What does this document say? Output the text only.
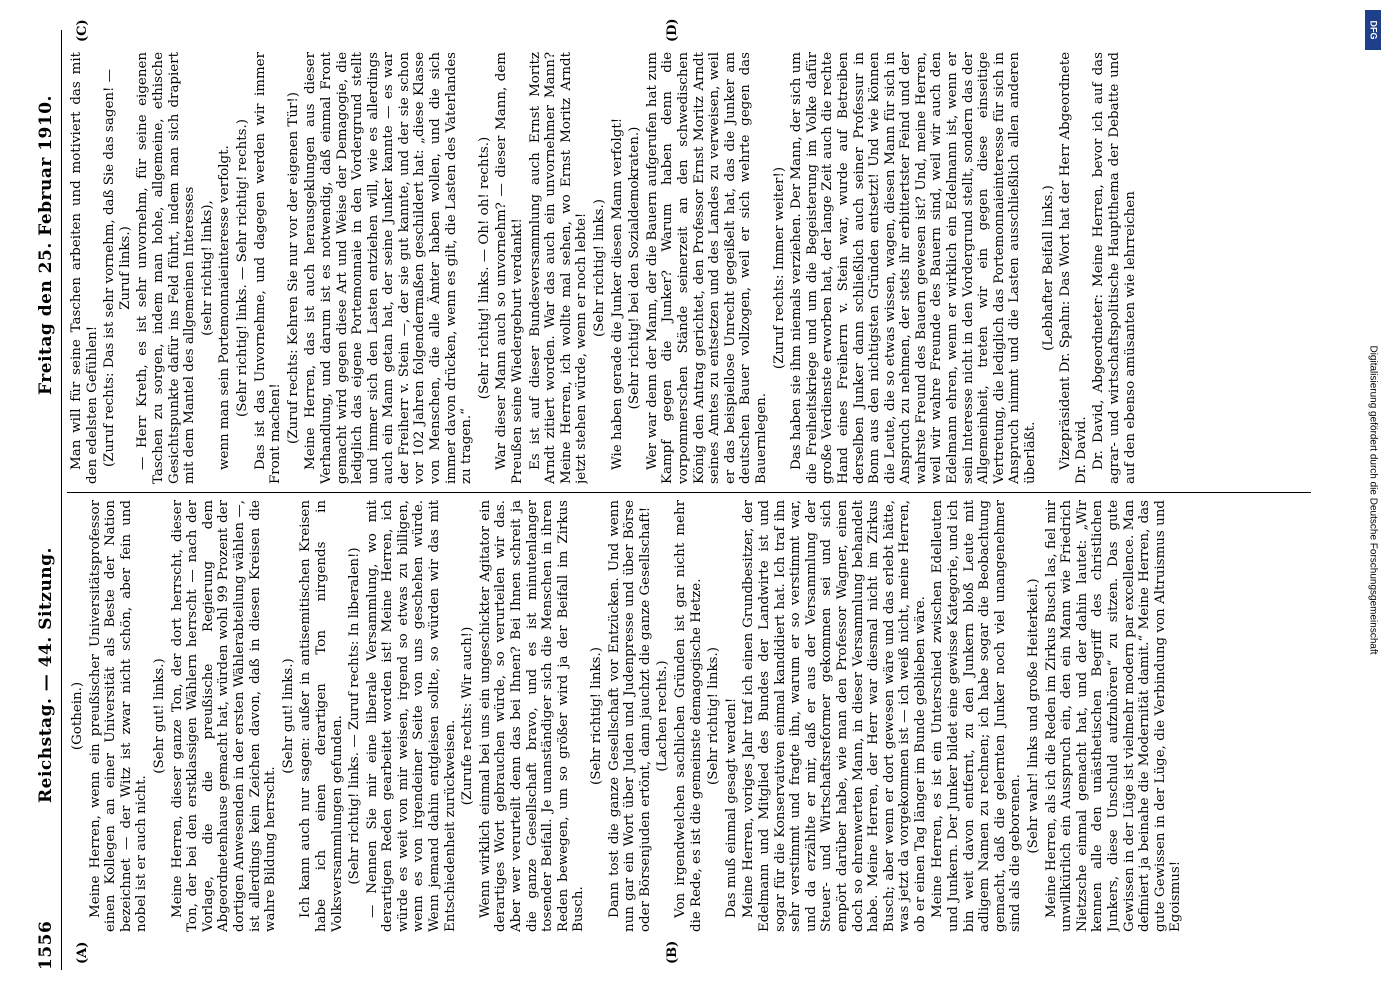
1556
Reichstag. — 44. Sitzung.
Freitag den 25. Februar 1910.
(A)	(B)
(C)	(D)
(Gothein.) Meine Herren, wenn ein preußischer Universitätsprofessor einen Kollegen an einer Universität als Beste der Nation bezeichnet — der Witz ist zwar nicht schön, aber fein und nobel ist er auch nicht.
(Sehr gut! links.) Meine Herren, dieser ganze Ton, der dort herrscht, dieser Ton, der bei den erstklassigen Wählern herrscht — nach der Vorlage, die die preußische Regierung dem Abgeordnetenhause gemacht hat, würden wohl 99 Prozent der dortigen Anwesenden in der ersten Wählerabteilung wählen —, ist allerdings kein Zeichen davon, daß in diesen Kreisen die wahre Bildung herrscht.
(Sehr gut! links.) Ich kann auch nur sagen: außer in antisemitischen Kreisen habe ich einen derartigen Ton nirgends in Volksversammlungen gefunden. (Sehr richtig! links. — Zuruf rechts: In liberalen!) — Nennen Sie mir eine liberale Versammlung, wo mit derartigen Reden gearbeitet worden ist! Meine Herren, ich würde es weit von mir weisen, irgend so etwas zu billigen, wenn es von irgendeiner Seite von uns geschehen würde. Wenn jemand dahin entgleisen sollte, so würden wir das mit Entschiedenheit zurückweisen.
(Zurufe rechts: Wir auch!) Wenn wirklich einmal bei uns ein ungeschickter Agitator ein derartiges Wort gebrauchen würde, so verurteilen wir das. Aber wer verurteilt denn das bei Ihnen? Bei Ihnen schreit ja die ganze Gesellschaft bravo, und es ist minutenlanger tosender Beifall. Je unanständiger sich die Menschen in ihren Reden bewegen, um so größer wird ja der Beifall im Zirkus Busch.
(Sehr richtig! links.) Dann tost die ganze Gesellschaft vor Entzücken. Und wenn nun gar ein Wort über Juden und Judenpresse und über Börse oder Börsenjuden ertönt, dann jauchzt die ganze Gesellschaft! (Lachen rechts.) Von irgendwelchen sachlichen Gründen ist gar nicht mehr die Rede, es ist die gemeinste demagogische Hetze. (Sehr richtig! links.) Das muß einmal gesagt werden! Meine Herren, voriges Jahr traf ich einen Grundbesitzer, der Edelmann und Mitglied des Bundes der Landwirte ist und sogar für die Konservativen einmal kandidiert hat. Ich traf ihn sehr verstimmt und fragte ihn, warum er so verstimmt war, und da erzählte er mir, daß er aus der Versammlung der Steuer- und Wirtschaftsreformer gekommen sei und sich empört darüber habe, wie man den Professor Wagner, einen doch so ehrenwerten Mann, in dieser Versammlung behandelt habe. Meine Herren, der Herr war diesmal nicht im Zirkus Busch; aber wenn er dort gewesen wäre und das erlebt hätte, was jetzt da vorgekommen ist — ich weiß nicht, meine Herren, ob er einen Tag länger im Bunde geblieben wäre. Meine Herren, es ist ein Unterschied zwischen Edelleuten und Junkern. Der Junker bildet eine gewisse Kategorie, und ich bin weit davon entfernt, zu den Junkern bloß Leute mit adligem Namen zu rechnen; ich habe sogar die Beobachtung gemacht, daß die gelernten Junker noch viel unangenehmer sind als die geborenen. (Sehr wahr! links und große Heiterkeit.) Meine Herren, als ich die Reden im Zirkus Busch las, fiel mir unwillkürlich ein Ausspruch ein, den ein Mann wie Friedrich Nietzsche einmal gemacht hat, und der dahin lautet: „Wir kennen alle den unästhetischen Begriff des christlichen Junkers, diese Unschuld aufzuhören“ zu sitzen. Das gute Gewissen in der Lüge ist vielmehr modern par excellence. Man definiert ja beinahe die Modernität damit.“ Meine Herren, das gute Gewissen in der Lüge, die Verbindung von Altruismus und Egoismus!
Man will für seine Taschen arbeiten und motiviert das mit den edelsten Gefühlen! (Zuruf rechts: Das ist sehr vornehm, daß Sie das sagen! — Zuruf links.) — Herr Kreth, es ist sehr unvornehm, für seine eigenen Taschen zu sorgen, indem man hohe, allgemeine, ethische Gesichtspunkte dafür ins Feld führt, indem man sich drapiert mit dem Mantel des allgemeinen Interesses (sehr richtig! links), wenn man sein Portemonnaieinteresse verfolgt. (Sehr richtig! links. — Sehr richtig! rechts.) Das ist das Unvornehme, und dagegen werden wir immer Front machen! (Zuruf rechts: Kehren Sie nur vor der eigenen Tür!) Meine Herren, das ist auch herausgeklungen aus dieser Verhandlung, und darum ist es notwendig, daß einmal Front gemacht wird gegen diese Art und Weise der Demagogie, die lediglich das eigene Portemonnaie in den Vordergrund stellt und immer sich den Lasten entziehen will, wie es allerdings auch ein Mann getan hat, der seine Junker kannte — es war der Freiherr v. Stein —, der sie gut kannte, und der sie schon vor 102 Jahren folgendermaßen geschildert hat: „diese Klasse von Menschen, die alle Ämter haben wollen, und die sich immer davon drücken, wenn es gilt, die Lasten des Vaterlandes zu tragen.“
(Sehr richtig! links. — Oh! oh! rechts.) War dieser Mann auch so unvornehm? — dieser Mann, dem Preußen seine Wiedergeburt verdankt! Es ist auf dieser Bundesversammlung auch Ernst Moritz Arndt zitiert worden. War das auch ein unvornehmer Mann? Meine Herren, ich wollte mal sehen, wo Ernst Moritz Arndt jetzt stehen würde, wenn er noch lebte! (Sehr richtig! links.) Wie haben gerade die Junker diesen Mann verfolgt! (Sehr richtig! bei den Sozialdemokraten.) Wer war denn der Mann, der die Bauern aufgerufen hat zum Kampf gegen die Junker? Warum haben denn die vorpommerschen Stände seinerzeit an den schwedischen König den Antrag gerichtet, den Professor Ernst Moritz Arndt seines Amtes zu entsetzen und des Landes zu verweisen, weil er das beispiellose Unrecht gegeißelt hat, das die Junker am deutschen Bauer vollzogen, weil er sich wehrte gegen das Bauernlegen.
(Zuruf rechts: Immer weiter!) Das haben sie ihm niemals verziehen. Der Mann, der sich um die Freiheitskriege und um die Begeisterung im Volke dafür große Verdienste erworben hat, der lange Zeit auch die rechte Hand eines Freiherrn v. Stein war, wurde auf Betreiben derselben Junker dann schließlich auch seiner Professur in Bonn aus den nichtigsten Gründen entsetzt! Und wie können die Leute, die so etwas wissen, wagen, diesen Mann für sich in Anspruch zu nehmen, der stets ihr erbittertster Feind und der wahrste Freund des Bauern gewesen ist? Und, meine Herren, weil wir wahre Freunde des Bauern sind, weil wir auch den Edelmann ehren, wenn er wirklich ein Edelmann ist, wenn er sein Interesse nicht in den Vordergrund stellt, sondern das der Allgemeinheit, treten wir ein gegen diese einseitige Vertretung, die lediglich das Portemonnaieinteresse für sich in Anspruch nimmt und die Lasten ausschließlich allen anderen überläßt.
(Lebhafter Beifall links.) Vizepräsident Dr. Spahn: Das Wort hat der Herr Abgeordnete Dr. David. Dr. David, Abgeordneter: Meine Herren, bevor ich auf das agrar- und wirtschaftspolitische Hauptthema der Debatte und auf den ebenso amüsanten wie lehrreichen
Digitalisierung gefördert durch die Deutsche Forschungsgemeinschaft
DFG
